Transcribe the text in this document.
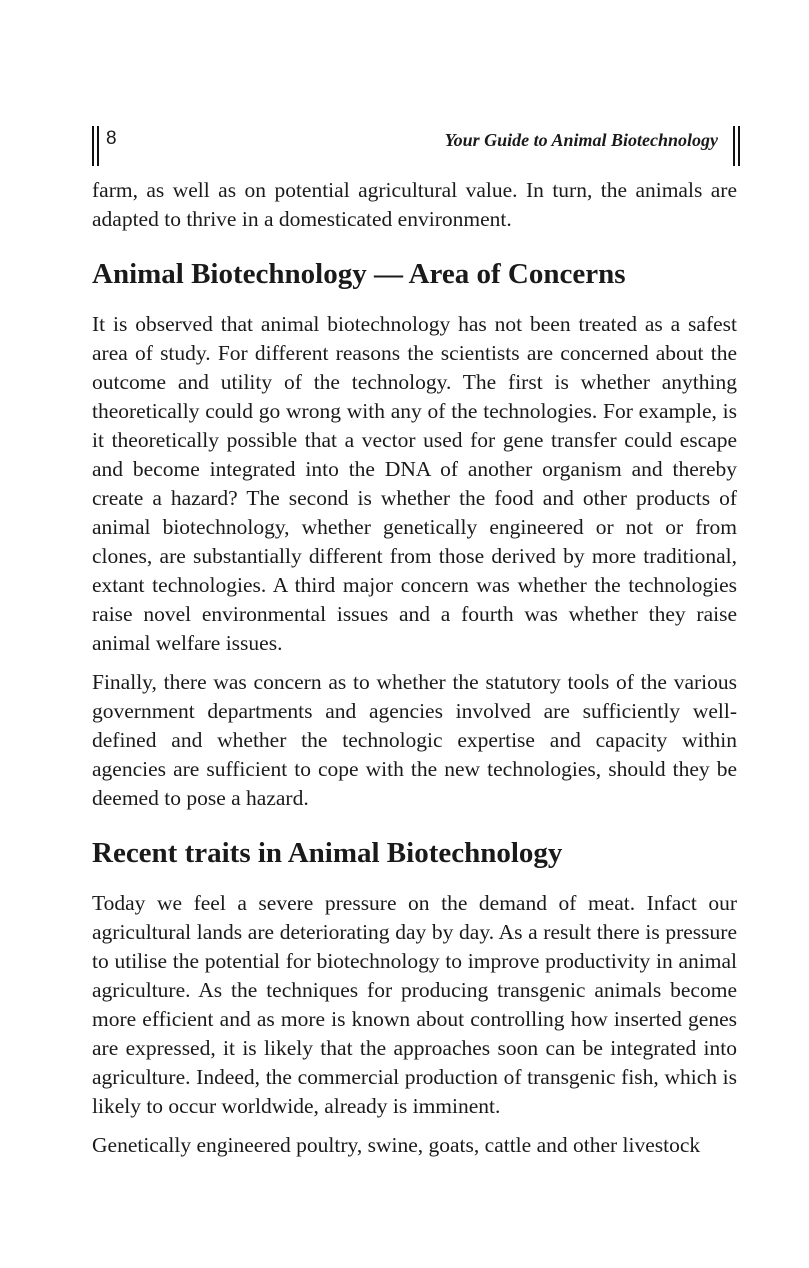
8	Your Guide to Animal Biotechnology

farm, as well as on potential agricultural value. In turn, the animals are adapted to thrive in a domesticated environment.

Animal Biotechnology — Area of Concerns

It is observed that animal biotechnology has not been treated as a safest area of study. For different reasons the scientists are concerned about the outcome and utility of the technology. The first is whether anything theoretically could go wrong with any of the technologies. For example, is it theoretically possible that a vector used for gene transfer could escape and become integrated into the DNA of another organism and thereby create a hazard? The second is whether the food and other products of animal biotechnology, whether genetically engineered or not or from clones, are substantially different from those derived by more traditional, extant technologies. A third major concern was whether the technologies raise novel environmental issues and a fourth was whether they raise animal welfare issues.

Finally, there was concern as to whether the statutory tools of the various government departments and agencies involved are sufficiently well-defined and whether the technologic expertise and capacity within agencies are sufficient to cope with the new technologies, should they be deemed to pose a hazard.

Recent traits in Animal Biotechnology

Today we feel a severe pressure on the demand of meat. Infact our agricultural lands are deteriorating day by day. As a result there is pressure to utilise the potential for biotechnology to improve productivity in animal agriculture. As the techniques for producing transgenic animals become more efficient and as more is known about controlling how inserted genes are expressed, it is likely that the approaches soon can be integrated into agriculture. Indeed, the commercial production of transgenic fish, which is likely to occur worldwide, already is imminent.

Genetically engineered poultry, swine, goats, cattle and other livestock
